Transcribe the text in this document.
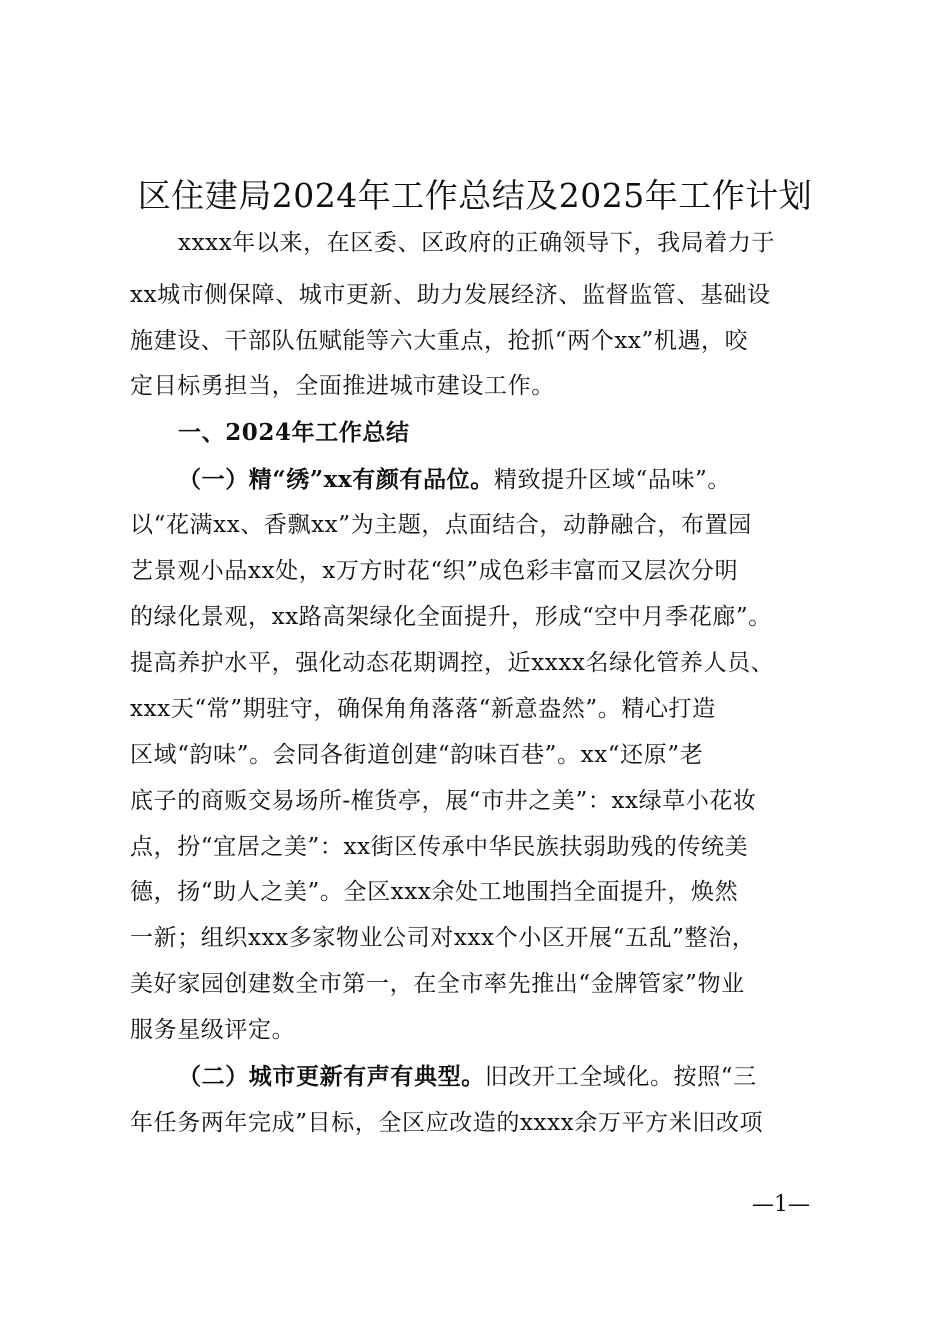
区住建局2024年工作总结及2025年工作计划
xxxx年以来，在区委、区政府的正确领导下，我局着力于
xx城市侧保障、城市更新、助力发展经济、监督监管、基础设
施建设、干部队伍赋能等六大重点，抢抓“两个xx”机遇，咬
定目标勇担当，全面推进城市建设工作。
一、2024年工作总结
（一）精“绣”xx有颜有品位。精致提升区域“品味”。
以“花满xx、香飘xx”为主题，点面结合，动静融合，布置园
艺景观小品xx处，x万方时花“织”成色彩丰富而又层次分明
的绿化景观，xx路高架绿化全面提升，形成“空中月季花廊”。
提高养护水平，强化动态花期调控，近xxxx名绿化管养人员、
xxx天“常”期驻守，确保角角落落“新意盎然”。精心打造
区域“韵味”。会同各街道创建“韵味百巷”。xx“还原”老
底子的商贩交易场所-榷货亭，展“市井之美”：xx绿草小花妆
点，扮“宜居之美”：xx街区传承中华民族扶弱助残的传统美
德，扬“助人之美”。全区xxx余处工地围挡全面提升，焕然
一新；组织xxx多家物业公司对xxx个小区开展“五乱”整治，
美好家园创建数全市第一，在全市率先推出“金牌管家”物业
服务星级评定。
（二）城市更新有声有典型。旧改开工全域化。按照“三
年任务两年完成”目标，全区应改造的xxxx余万平方米旧改项
—1—
